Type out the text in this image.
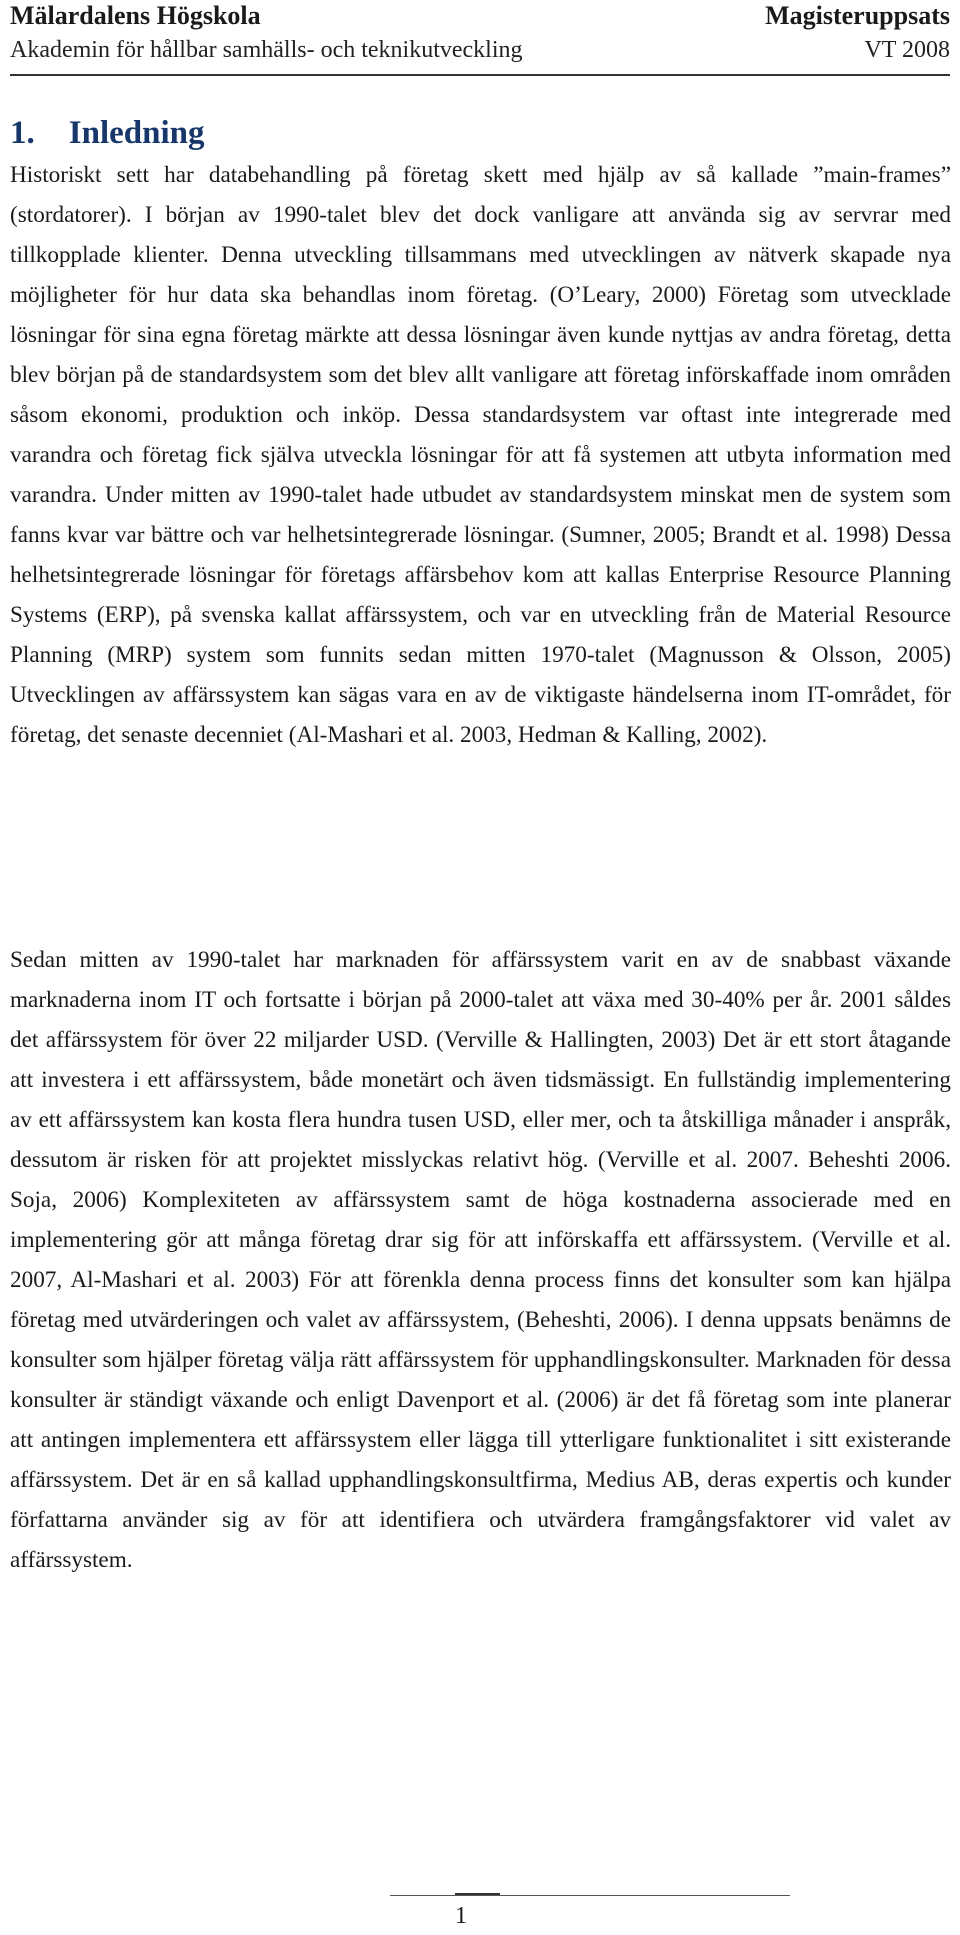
Mälardalens Högskola	Magisteruppsats
Akademin för hållbar samhälls- och teknikutveckling	VT 2008
1. Inledning

Historiskt sett har databehandling på företag skett med hjälp av så kallade ”main-frames” (stordatorer). I början av 1990-talet blev det dock vanligare att använda sig av servrar med tillkopplade klienter. Denna utveckling tillsammans med utvecklingen av nätverk skapade nya möjligheter för hur data ska behandlas inom företag. (O’Leary, 2000) Företag som utvecklade lösningar för sina egna företag märkte att dessa lösningar även kunde nyttjas av andra företag, detta blev början på de standardsystem som det blev allt vanligare att företag införskaffade inom områden såsom ekonomi, produktion och inköp. Dessa standardsystem var oftast inte integrerade med varandra och företag fick själva utveckla lösningar för att få systemen att utbyta information med varandra. Under mitten av 1990-talet hade utbudet av standardsystem minskat men de system som fanns kvar var bättre och var helhetsintegrerade lösningar. (Sumner, 2005; Brandt et al. 1998) Dessa helhetsintegrerade lösningar för företags affärsbehov kom att kallas Enterprise Resource Planning Systems (ERP), på svenska kallat affärssystem, och var en utveckling från de Material Resource Planning (MRP) system som funnits sedan mitten 1970-talet (Magnusson & Olsson, 2005) Utvecklingen av affärssystem kan sägas vara en av de viktigaste händelserna inom IT-området, för företag, det senaste decenniet (Al-Mashari et al. 2003, Hedman & Kalling, 2002).

Sedan mitten av 1990-talet har marknaden för affärssystem varit en av de snabbast växande marknaderna inom IT och fortsatte i början på 2000-talet att växa med 30-40% per år. 2001 såldes det affärssystem för över 22 miljarder USD. (Verville & Hallingten, 2003) Det är ett stort åtagande att investera i ett affärssystem, både monetärt och även tidsmässigt. En fullständig implementering av ett affärssystem kan kosta flera hundra tusen USD, eller mer, och ta åtskilliga månader i anspråk, dessutom är risken för att projektet misslyckas relativt hög. (Verville et al. 2007. Beheshti 2006. Soja, 2006) Komplexiteten av affärssystem samt de höga kostnaderna associerade med en implementering gör att många företag drar sig för att införskaffa ett affärssystem. (Verville et al. 2007, Al-Mashari et al. 2003) För att förenkla denna process finns det konsulter som kan hjälpa företag med utvärderingen och valet av affärssystem, (Beheshti, 2006). I denna uppsats benämns de konsulter som hjälper företag välja rätt affärssystem för upphandlingskonsulter. Marknaden för dessa konsulter är ständigt växande och enligt Davenport et al. (2006) är det få företag som inte planerar att antingen implementera ett affärssystem eller lägga till ytterligare funktionalitet i sitt existerande affärssystem. Det är en så kallad upphandlingskonsultfirma, Medius AB, deras expertis och kunder författarna använder sig av för att identifiera och utvärdera framgångsfaktorer vid valet av affärssystem.

1
